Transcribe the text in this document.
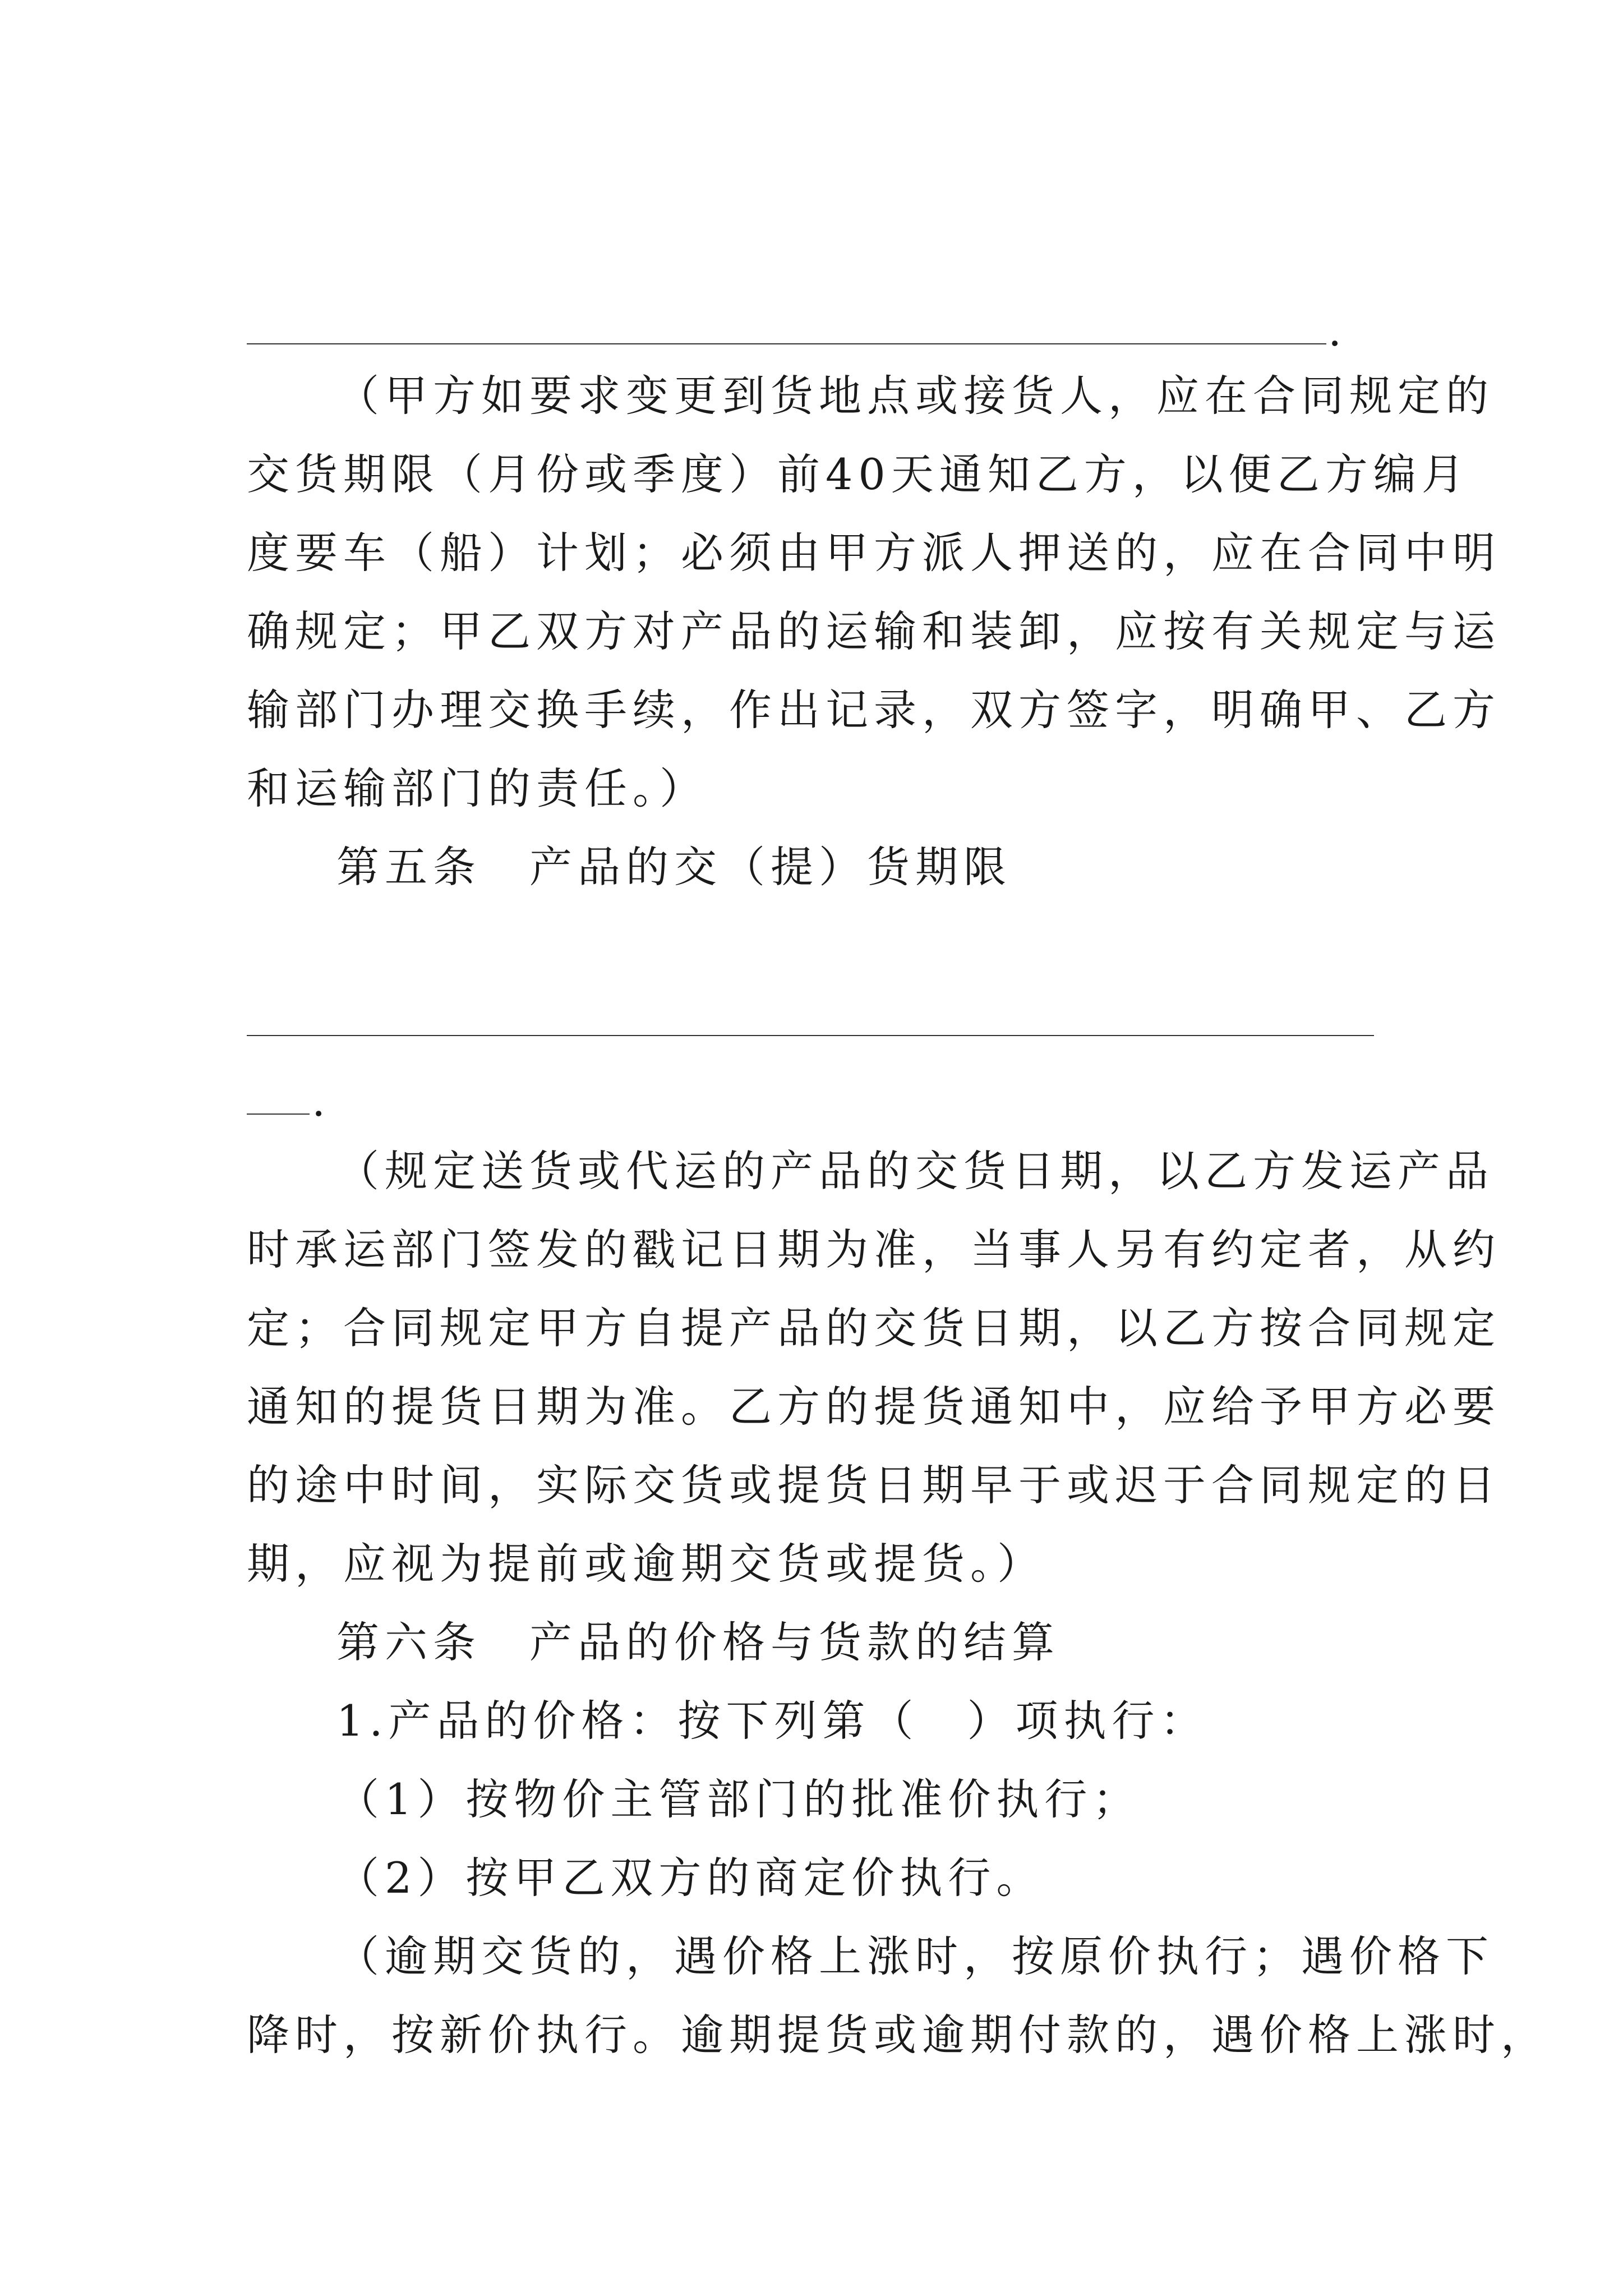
.
（甲方如要求变更到货地点或接货人，应在合同规定的
交货期限（月份或季度）前40天通知乙方，以便乙方编月
度要车（船）计划；必须由甲方派人押送的，应在合同中明
确规定；甲乙双方对产品的运输和装卸，应按有关规定与运
输部门办理交换手续，作出记录，双方签字，明确甲、乙方
和运输部门的责任。）
第五条　产品的交（提）货期限
.
（规定送货或代运的产品的交货日期，以乙方发运产品
时承运部门签发的戳记日期为准，当事人另有约定者，从约
定；合同规定甲方自提产品的交货日期，以乙方按合同规定
通知的提货日期为准。乙方的提货通知中，应给予甲方必要
的途中时间，实际交货或提货日期早于或迟于合同规定的日
期，应视为提前或逾期交货或提货。）
第六条　产品的价格与货款的结算
1.产品的价格：按下列第（　）项执行：
（1）按物价主管部门的批准价执行；
（2）按甲乙双方的商定价执行。
（逾期交货的，遇价格上涨时，按原价执行；遇价格下
降时，按新价执行。逾期提货或逾期付款的，遇价格上涨时，
